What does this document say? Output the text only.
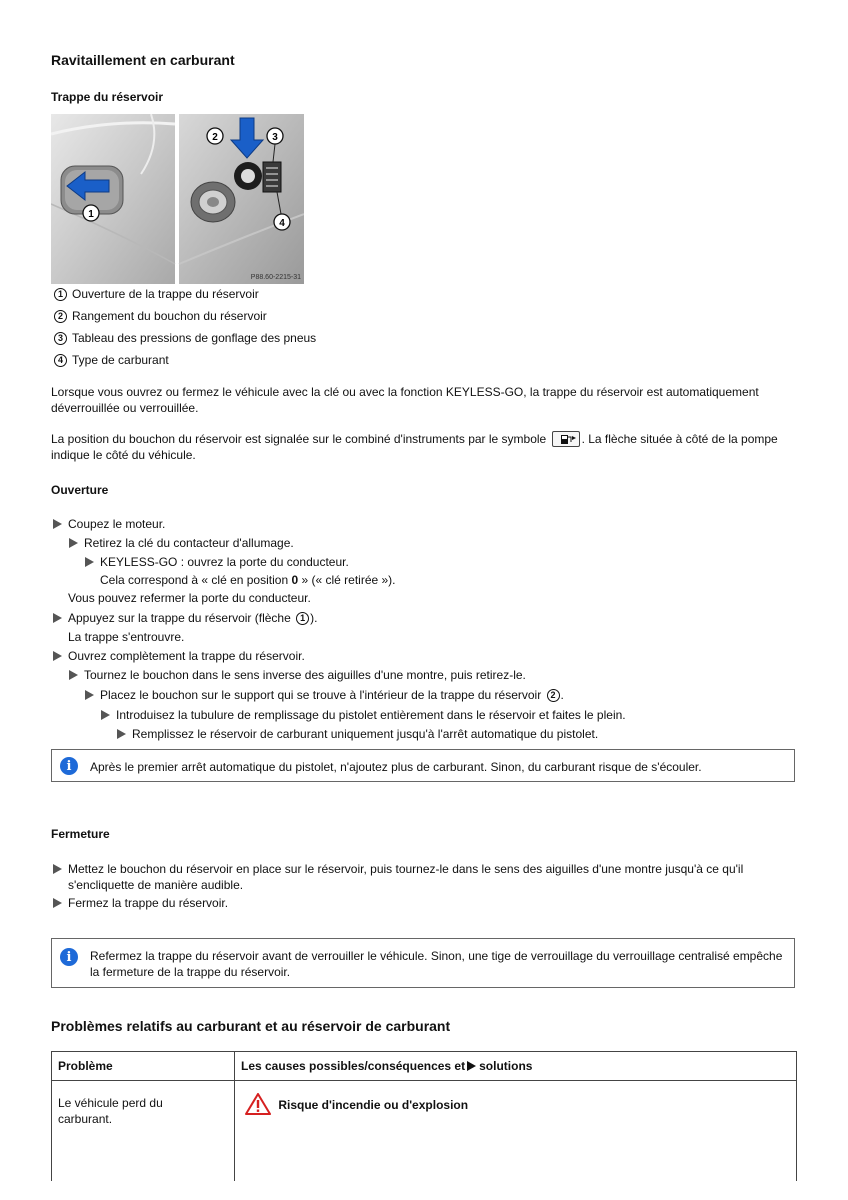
Ravitaillement en carburant
Trappe du réservoir
1
2	3
4
P88.60-2215-31
1 Ouverture de la trappe du réservoir
2 Rangement du bouchon du réservoir
3 Tableau des pressions de gonflage des pneus
4 Type de carburant
Lorsque vous ouvrez ou fermez le véhicule avec la clé ou avec la fonction KEYLESS-GO, la trappe du réservoir est automatiquement déverrouillée ou verrouillée.
La position du bouchon du réservoir est signalée sur le combiné d'instruments par le symbole	. La flèche située à côté de la pompe indique le côté du véhicule.
Ouverture
Coupez le moteur.
Retirez la clé du contacteur d'allumage.
KEYLESS-GO : ouvrez la porte du conducteur.
Cela correspond à « clé en position 0 » (« clé retirée »).
Vous pouvez refermer la porte du conducteur.
Appuyez sur la trappe du réservoir (flèche 1 ).
La trappe s'entrouvre.
Ouvrez complètement la trappe du réservoir.
Tournez le bouchon dans le sens inverse des aiguilles d'une montre, puis retirez-le.
Placez le bouchon sur le support qui se trouve à l'intérieur de la trappe du réservoir 2 .
Introduisez la tubulure de remplissage du pistolet entièrement dans le réservoir et faites le plein.
Remplissez le réservoir de carburant uniquement jusqu'à l'arrêt automatique du pistolet.
i	Après le premier arrêt automatique du pistolet, n'ajoutez plus de carburant. Sinon, du carburant risque de s'écouler.
Fermeture
Mettez le bouchon du réservoir en place sur le réservoir, puis tournez-le dans le sens des aiguilles d'une montre jusqu'à ce qu'il s'encliquette de manière audible.
Fermez la trappe du réservoir.
i	Refermez la trappe du réservoir avant de verrouiller le véhicule. Sinon, une tige de verrouillage du verrouillage centralisé empêche la fermeture de la trappe du réservoir.
Problèmes relatifs au carburant et au réservoir de carburant
Problème	Les causes possibles/conséquences et solutions

Le véhicule perd du carburant.	Risque d'incendie ou d'explosion
